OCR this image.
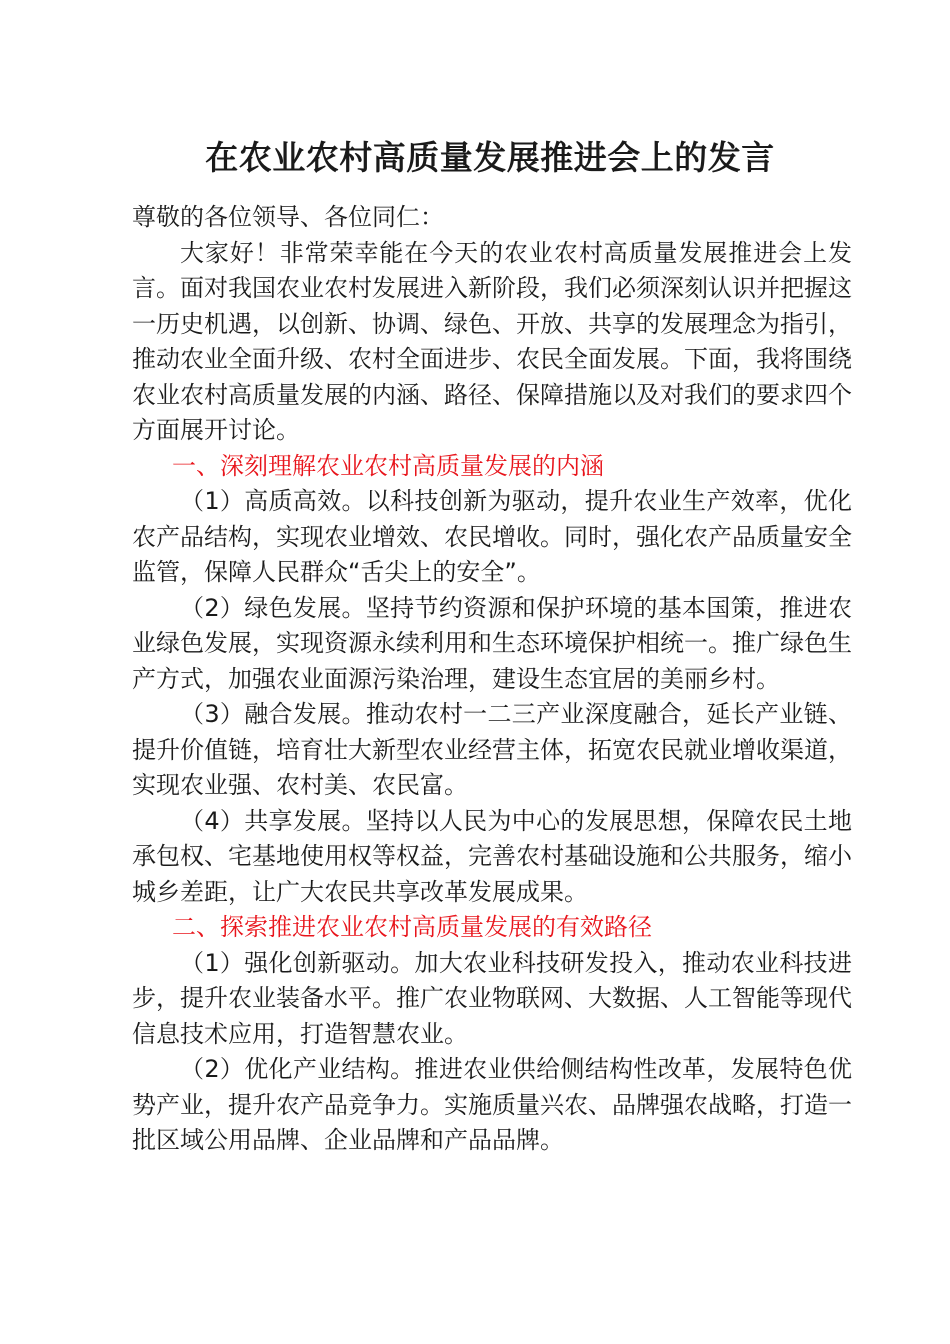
在农业农村高质量发展推进会上的发言

尊敬的各位领导、各位同仁：

大家好！非常荣幸能在今天的农业农村高质量发展推进会上发言。面对我国农业农村发展进入新阶段，我们必须深刻认识并把握这一历史机遇，以创新、协调、绿色、开放、共享的发展理念为指引，推动农业全面升级、农村全面进步、农民全面发展。下面，我将围绕农业农村高质量发展的内涵、路径、保障措施以及对我们的要求四个方面展开讨论。

一、深刻理解农业农村高质量发展的内涵

（1）高质高效。以科技创新为驱动，提升农业生产效率，优化农产品结构，实现农业增效、农民增收。同时，强化农产品质量安全监管，保障人民群众“舌尖上的安全”。

（2）绿色发展。坚持节约资源和保护环境的基本国策，推进农业绿色发展，实现资源永续利用和生态环境保护相统一。推广绿色生产方式，加强农业面源污染治理，建设生态宜居的美丽乡村。

（3）融合发展。推动农村一二三产业深度融合，延长产业链、提升价值链，培育壮大新型农业经营主体，拓宽农民就业增收渠道，实现农业强、农村美、农民富。

（4）共享发展。坚持以人民为中心的发展思想，保障农民土地承包权、宅基地使用权等权益，完善农村基础设施和公共服务，缩小城乡差距，让广大农民共享改革发展成果。

二、探索推进农业农村高质量发展的有效路径

（1）强化创新驱动。加大农业科技研发投入，推动农业科技进步，提升农业装备水平。推广农业物联网、大数据、人工智能等现代信息技术应用，打造智慧农业。

（2）优化产业结构。推进农业供给侧结构性改革，发展特色优势产业，提升农产品竞争力。实施质量兴农、品牌强农战略，打造一批区域公用品牌、企业品牌和产品品牌。
